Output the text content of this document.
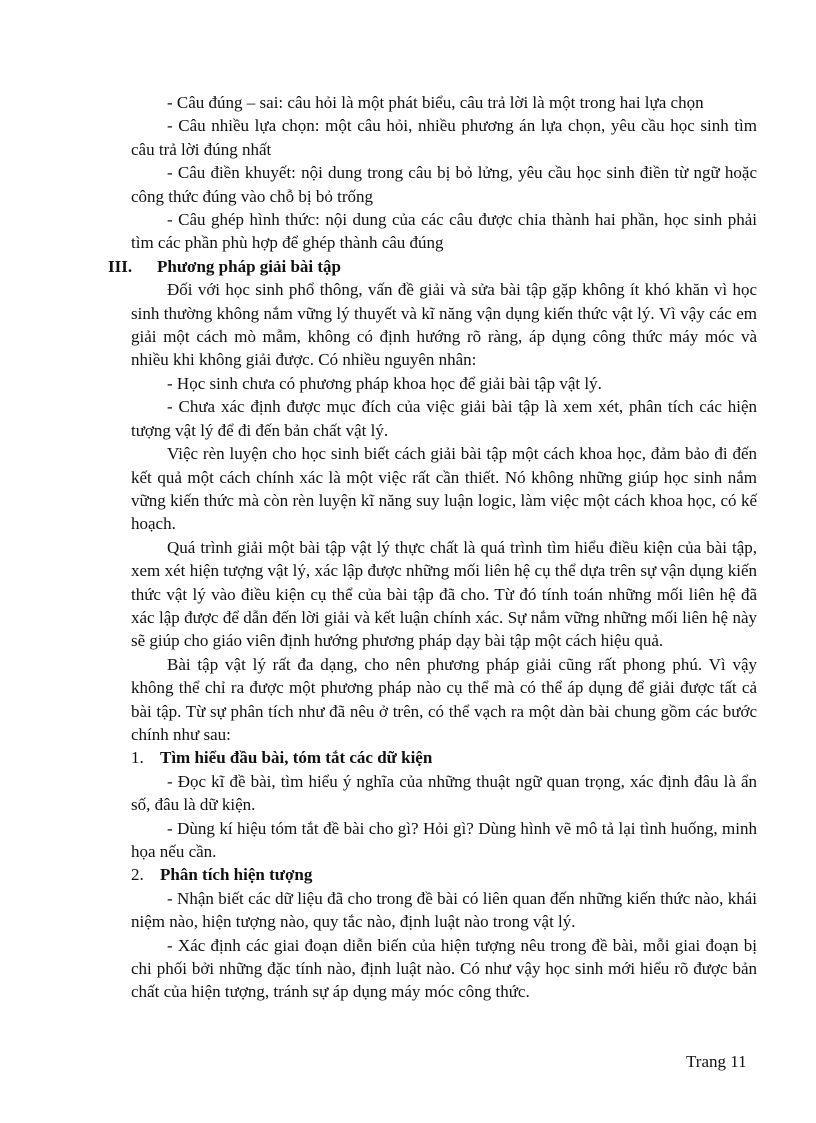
- Câu đúng – sai: câu hỏi là một phát biểu, câu trả lời là một trong hai lựa chọn

- Câu nhiều lựa chọn: một câu hỏi, nhiều phương án lựa chọn, yêu cầu học sinh tìm câu trả lời đúng nhất

- Câu điền khuyết: nội dung trong câu bị bỏ lửng, yêu cầu học sinh điền từ ngữ hoặc công thức đúng vào chỗ bị bỏ trống

- Câu ghép hình thức: nội dung của các câu được chia thành hai phần, học sinh phải tìm các phần phù hợp để ghép thành câu đúng

III.	Phương pháp giải bài tập

Đối với học sinh phổ thông, vấn đề giải và sửa bài tập gặp không ít khó khăn vì học sinh thường không nắm vững lý thuyết và kĩ năng vận dụng kiến thức vật lý. Vì vậy các em giải một cách mò mẫm, không có định hướng rõ ràng, áp dụng công thức máy móc và nhiều khi không giải được. Có nhiều nguyên nhân:

- Học sinh chưa có phương pháp khoa học để giải bài tập vật lý.

- Chưa xác định được mục đích của việc giải bài tập là xem xét, phân tích các hiện tượng vật lý để đi đến bản chất vật lý.

Việc rèn luyện cho học sinh biết cách giải bài tập một cách khoa học, đảm bảo đi đến kết quả một cách chính xác là một việc rất cần thiết. Nó không những giúp học sinh nắm vững kiến thức mà còn rèn luyện kĩ năng suy luận logic, làm việc một cách khoa học, có kế hoạch.

Quá trình giải một bài tập vật lý thực chất là quá trình tìm hiểu điều kiện của bài tập, xem xét hiện tượng vật lý, xác lập được những mối liên hệ cụ thể dựa trên sự vận dụng kiến thức vật lý vào điều kiện cụ thể của bài tập đã cho. Từ đó tính toán những mối liên hệ đã xác lập được để dẫn đến lời giải và kết luận chính xác. Sự nắm vững những mối liên hệ này sẽ giúp cho giáo viên định hướng phương pháp dạy bài tập một cách hiệu quả.

Bài tập vật lý rất đa dạng, cho nên phương pháp giải cũng rất phong phú. Vì vậy không thể chỉ ra được một phương pháp nào cụ thể mà có thể áp dụng để giải được tất cả bài tập. Từ sự phân tích như đã nêu ở trên, có thể vạch ra một dàn bài chung gồm các bước chính như sau:

1. Tìm hiểu đầu bài, tóm tắt các dữ kiện

- Đọc kĩ đề bài, tìm hiểu ý nghĩa của những thuật ngữ quan trọng, xác định đâu là ẩn số, đâu là dữ kiện.

- Dùng kí hiệu tóm tắt đề bài cho gì? Hỏi gì? Dùng hình vẽ mô tả lại tình huống, minh họa nếu cần.

2. Phân tích hiện tượng

- Nhận biết các dữ liệu đã cho trong đề bài có liên quan đến những kiến thức nào, khái niệm nào, hiện tượng nào, quy tắc nào, định luật nào trong vật lý.

- Xác định các giai đoạn diễn biến của hiện tượng nêu trong đề bài, mỗi giai đoạn bị chi phối bởi những đặc tính nào, định luật nào. Có như vậy học sinh mới hiểu rõ được bản chất của hiện tượng, tránh sự áp dụng máy móc công thức.

Trang 11
